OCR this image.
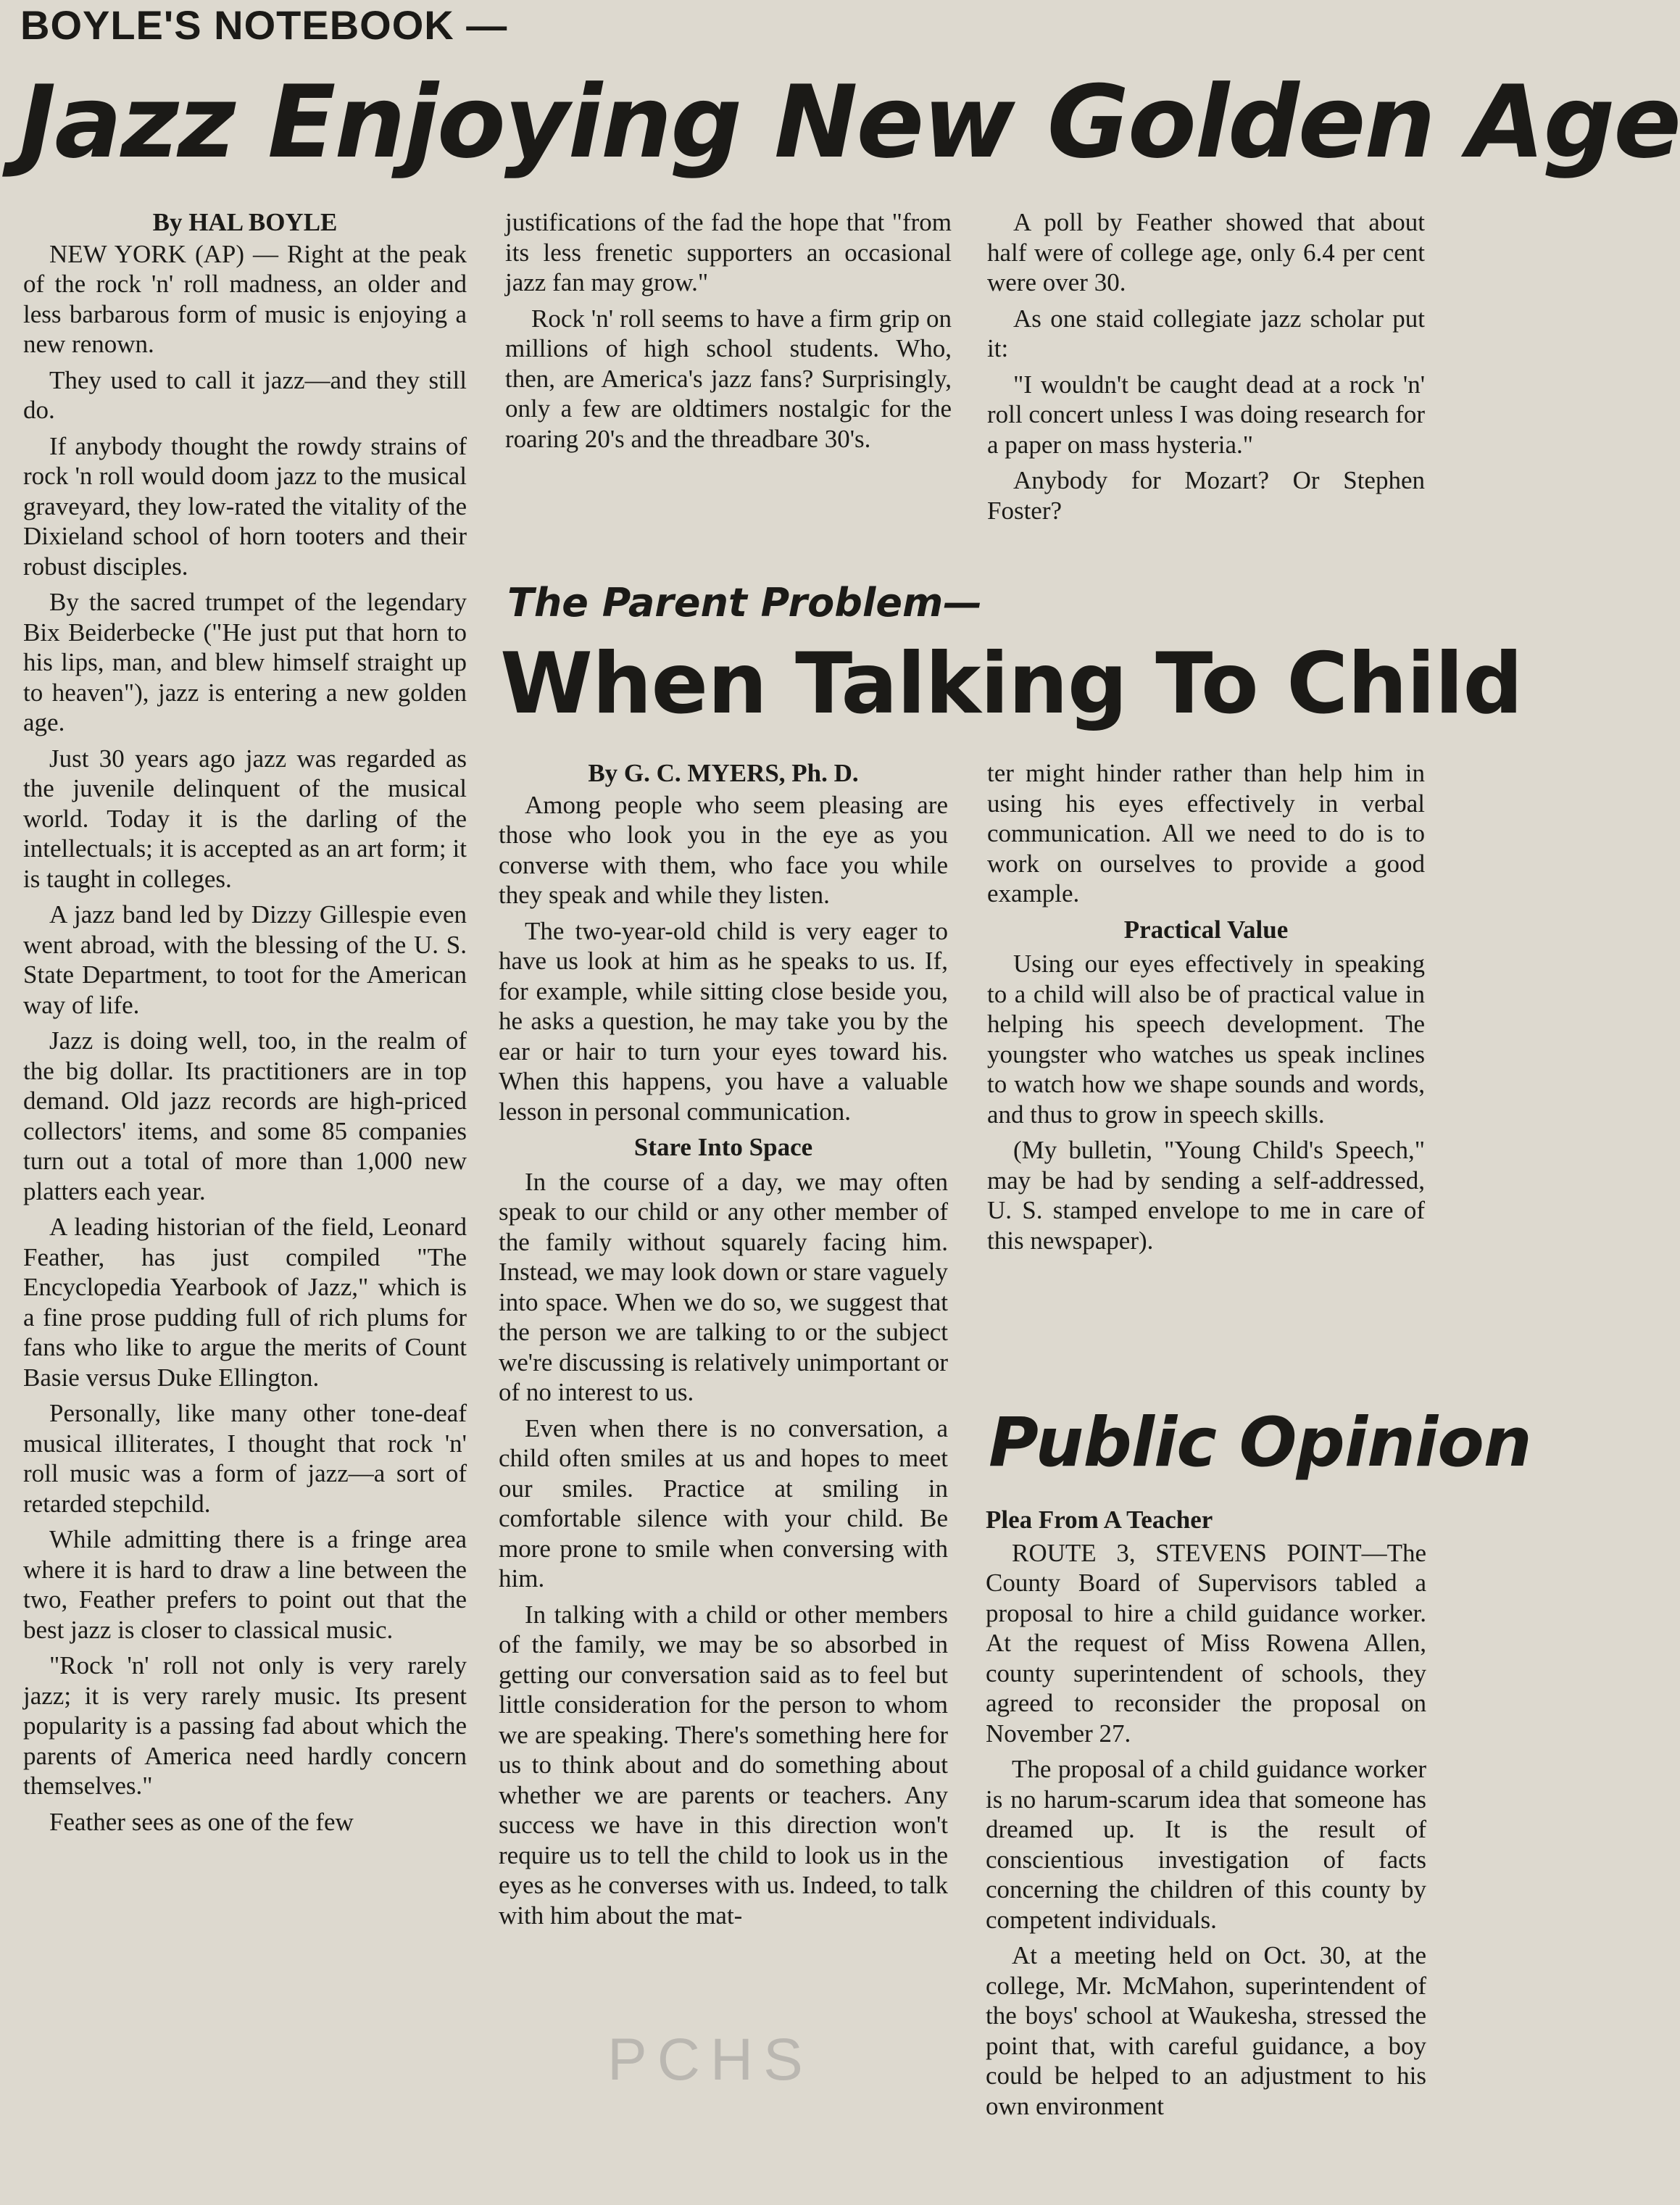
BOYLE'S NOTEBOOK —
Jazz Enjoying New Golden Age
By HAL BOYLE

NEW YORK (AP) — Right at the peak of the rock 'n' roll madness, an older and less barbarous form of music is enjoying a new renown.

They used to call it jazz—and they still do.

If anybody thought the rowdy strains of rock 'n roll would doom jazz to the musical graveyard, they low-rated the vitality of the Dixieland school of horn tooters and their robust disciples.

By the sacred trumpet of the legendary Bix Beiderbecke ("He just put that horn to his lips, man, and blew himself straight up to heaven"), jazz is entering a new golden age.

Just 30 years ago jazz was regarded as the juvenile delinquent of the musical world. Today it is the darling of the intellectuals; it is accepted as an art form; it is taught in colleges.

A jazz band led by Dizzy Gillespie even went abroad, with the blessing of the U. S. State Department, to toot for the American way of life.

Jazz is doing well, too, in the realm of the big dollar. Its practitioners are in top demand. Old jazz records are high-priced collectors' items, and some 85 companies turn out a total of more than 1,000 new platters each year.

A leading historian of the field, Leonard Feather, has just compiled "The Encyclopedia Yearbook of Jazz," which is a fine prose pudding full of rich plums for fans who like to argue the merits of Count Basie versus Duke Ellington.

Personally, like many other tone-deaf musical illiterates, I thought that rock 'n' roll music was a form of jazz—a sort of retarded stepchild.

While admitting there is a fringe area where it is hard to draw a line between the two, Feather prefers to point out that the best jazz is closer to classical music.

"Rock 'n' roll not only is very rarely jazz; it is very rarely music. Its present popularity is a passing fad about which the parents of America need hardly concern themselves."

Feather sees as one of the few

justifications of the fad the hope that "from its less frenetic supporters an occasional jazz fan may grow."

Rock 'n' roll seems to have a firm grip on millions of high school students. Who, then, are America's jazz fans? Surprisingly, only a few are oldtimers nostalgic for the roaring 20's and the threadbare 30's.

A poll by Feather showed that about half were of college age, only 6.4 per cent were over 30.

As one staid collegiate jazz scholar put it:

"I wouldn't be caught dead at a rock 'n' roll concert unless I was doing research for a paper on mass hysteria."

Anybody for Mozart? Or Stephen Foster?

The Parent Problem—
When Talking To Child
By G. C. MYERS, Ph. D.

Among people who seem pleasing are those who look you in the eye as you converse with them, who face you while they speak and while they listen.

The two-year-old child is very eager to have us look at him as he speaks to us. If, for example, while sitting close beside you, he asks a question, he may take you by the ear or hair to turn your eyes toward his. When this happens, you have a valuable lesson in personal communication.

Stare Into Space

In the course of a day, we may often speak to our child or any other member of the family without squarely facing him. Instead, we may look down or stare vaguely into space. When we do so, we suggest that the person we are talking to or the subject we're discussing is relatively unimportant or of no interest to us.

Even when there is no conversation, a child often smiles at us and hopes to meet our smiles. Practice at smiling in comfortable silence with your child. Be more prone to smile when conversing with him.

In talking with a child or other members of the family, we may be so absorbed in getting our conversation said as to feel but little consideration for the person to whom we are speaking. There's something here for us to think about and do something about whether we are parents or teachers. Any success we have in this direction won't require us to tell the child to look us in the eyes as he converses with us. Indeed, to talk with him about the mat-

ter might hinder rather than help him in using his eyes effectively in verbal communication. All we need to do is to work on ourselves to provide a good example.

Practical Value

Using our eyes effectively in speaking to a child will also be of practical value in helping his speech development. The youngster who watches us speak inclines to watch how we shape sounds and words, and thus to grow in speech skills.

(My bulletin, "Young Child's Speech," may be had by sending a self-addressed, U. S. stamped envelope to me in care of this newspaper).

Public Opinion
Plea From A Teacher

ROUTE 3, STEVENS POINT—The County Board of Supervisors tabled a proposal to hire a child guidance worker. At the request of Miss Rowena Allen, county superintendent of schools, they agreed to reconsider the proposal on November 27.

The proposal of a child guidance worker is no harum-scarum idea that someone has dreamed up. It is the result of conscientious investigation of facts concerning the children of this county by competent individuals.

At a meeting held on Oct. 30, at the college, Mr. McMahon, superintendent of the boys' school at Waukesha, stressed the point that, with careful guidance, a boy could be helped to an adjustment to his own environment

PCHS
